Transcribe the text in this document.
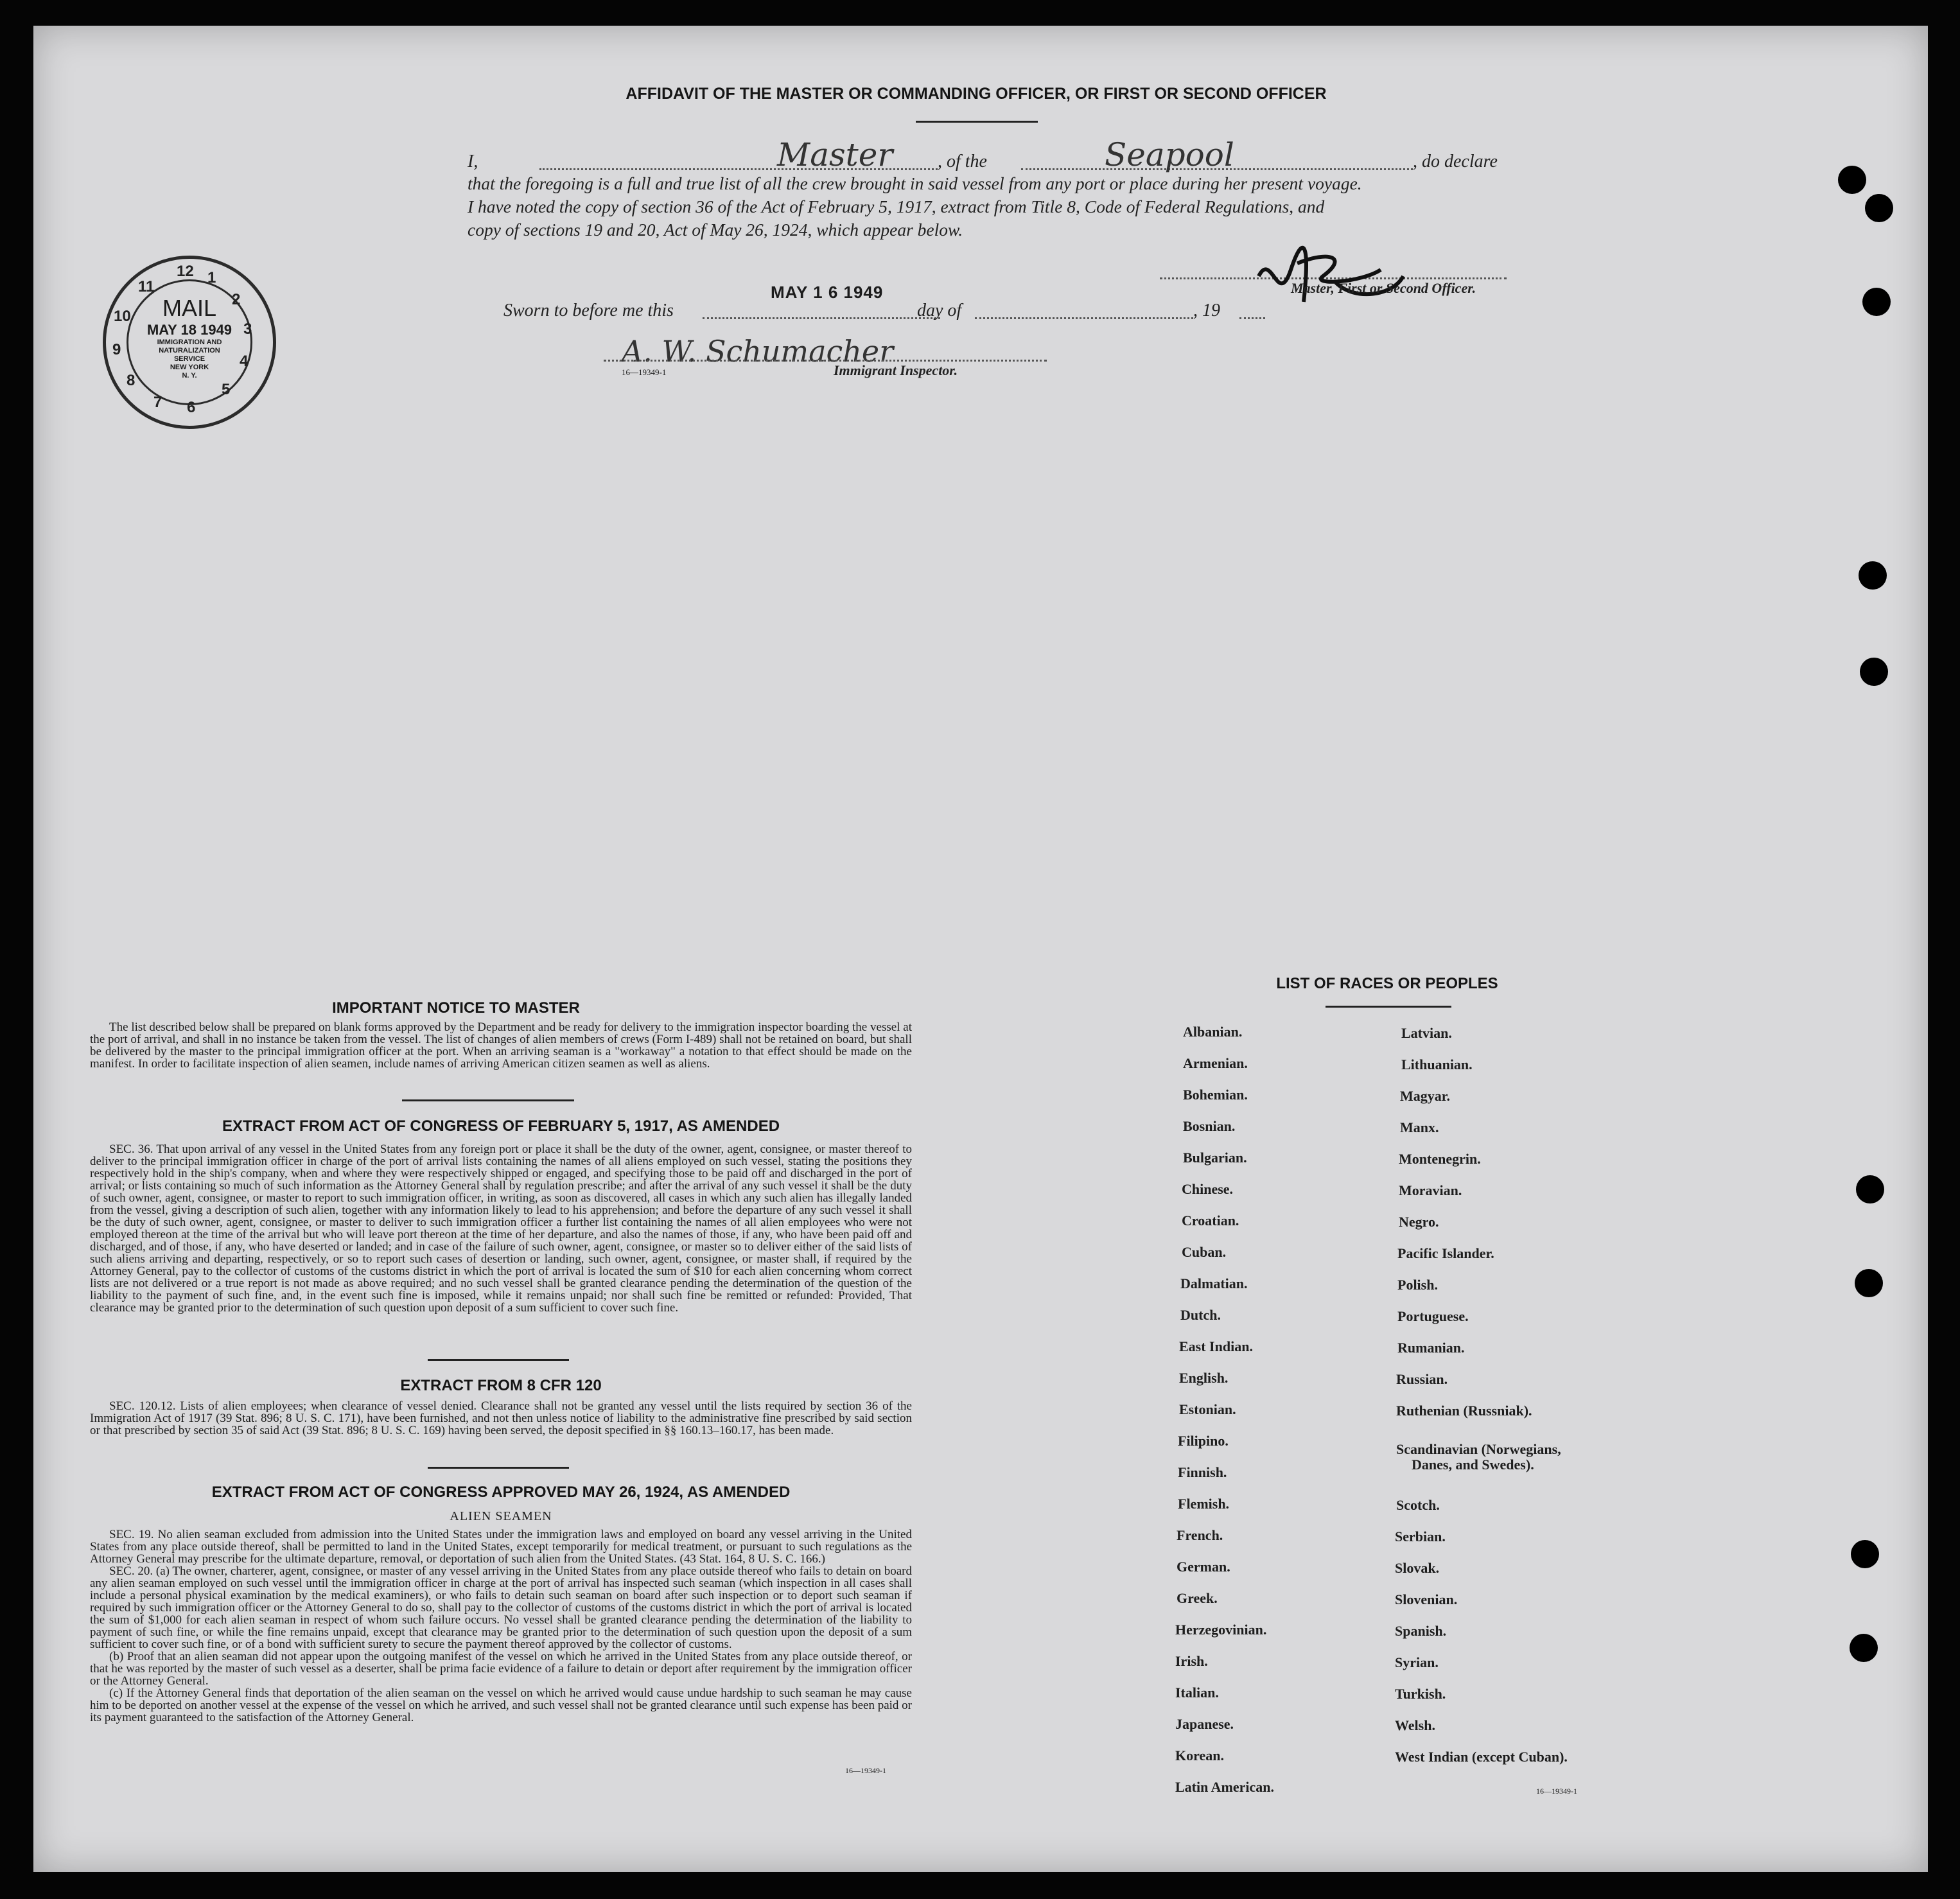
AFFIDAVIT OF THE MASTER OR COMMANDING OFFICER, OR FIRST OR SECOND OFFICER
I,	Master , of the	Seapool	, do declare
that the foregoing is a full and true list of all the crew brought in said vessel from any port or place during her present voyage.
I have noted the copy of section 36 of the Act of February 5, 1917, extract from Title 8, Code of Federal Regulations, and
copy of sections 19 and 20, Act of May 26, 1924, which appear below.
Master, First or Second Officer.
Sworn to before me this
MAY 1 6 1949
day of	, 19
A. W. Schumacher
16—19349-1	Immigrant Inspector.
12 1
2
3
4
5
6
7
8
9
10
11
MAIL
MAY 18 1949
IMMIGRATION AND
NATURALIZATION
SERVICE
NEW YORK
N. Y.
IMPORTANT NOTICE TO MASTER

The list described below shall be prepared on blank forms approved by the Department and be ready for delivery to the immigration inspector boarding the vessel at the port of arrival, and shall in no instance be taken from the vessel. The list of changes of alien members of crews (Form I-489) shall not be retained on board, but shall be delivered by the master to the principal immigration officer at the port. When an arriving seaman is a "workaway" a notation to that effect should be made on the manifest. In order to facilitate inspection of alien seamen, include names of arriving American citizen seamen as well as aliens.

EXTRACT FROM ACT OF CONGRESS OF FEBRUARY 5, 1917, AS AMENDED

SEC. 36. That upon arrival of any vessel in the United States from any foreign port or place it shall be the duty of the owner, agent, consignee, or master thereof to deliver to the principal immigration officer in charge of the port of arrival lists containing the names of all aliens employed on such vessel, stating the positions they respectively hold in the ship's company, when and where they were respectively shipped or engaged, and specifying those to be paid off and discharged in the port of arrival; or lists containing so much of such information as the Attorney General shall by regulation prescribe; and after the arrival of any such vessel it shall be the duty of such owner, agent, consignee, or master to report to such immigration officer, in writing, as soon as discovered, all cases in which any such alien has illegally landed from the vessel, giving a description of such alien, together with any information likely to lead to his apprehension; and before the departure of any such vessel it shall be the duty of such owner, agent, consignee, or master to deliver to such immigration officer a further list containing the names of all alien employees who were not employed thereon at the time of the arrival but who will leave port thereon at the time of her departure, and also the names of those, if any, who have been paid off and discharged, and of those, if any, who have deserted or landed; and in case of the failure of such owner, agent, consignee, or master so to deliver either of the said lists of such aliens arriving and departing, respectively, or so to report such cases of desertion or landing, such owner, agent, consignee, or master shall, if required by the Attorney General, pay to the collector of customs of the customs district in which the port of arrival is located the sum of $10 for each alien concerning whom correct lists are not delivered or a true report is not made as above required; and no such vessel shall be granted clearance pending the determination of the question of the liability to the payment of such fine, and, in the event such fine is imposed, while it remains unpaid; nor shall such fine be remitted or refunded: Provided, That clearance may be granted prior to the determination of such question upon deposit of a sum sufficient to cover such fine.

EXTRACT FROM 8 CFR 120

SEC. 120.12. Lists of alien employees; when clearance of vessel denied. Clearance shall not be granted any vessel until the lists required by section 36 of the Immigration Act of 1917 (39 Stat. 896; 8 U. S. C. 171), have been furnished, and not then unless notice of liability to the administrative fine prescribed by said section or that prescribed by section 35 of said Act (39 Stat. 896; 8 U. S. C. 169) having been served, the deposit specified in §§ 160.13–160.17, has been made.

EXTRACT FROM ACT OF CONGRESS APPROVED MAY 26, 1924, AS AMENDED
ALIEN SEAMEN

SEC. 19. No alien seaman excluded from admission into the United States under the immigration laws and employed on board any vessel arriving in the United States from any place outside thereof, shall be permitted to land in the United States, except temporarily for medical treatment, or pursuant to such regulations as the Attorney General may prescribe for the ultimate departure, removal, or deportation of such alien from the United States. (43 Stat. 164, 8 U. S. C. 166.)

SEC. 20. (a) The owner, charterer, agent, consignee, or master of any vessel arriving in the United States from any place outside thereof who fails to detain on board any alien seaman employed on such vessel until the immigration officer in charge at the port of arrival has inspected such seaman (which inspection in all cases shall include a personal physical examination by the medical examiners), or who fails to detain such seaman on board after such inspection or to deport such seaman if required by such immigration officer or the Attorney General to do so, shall pay to the collector of customs of the customs district in which the port of arrival is located the sum of $1,000 for each alien seaman in respect of whom such failure occurs. No vessel shall be granted clearance pending the determination of the liability to payment of such fine, or while the fine remains unpaid, except that clearance may be granted prior to the determination of such question upon the deposit of a sum sufficient to cover such fine, or of a bond with sufficient surety to secure the payment thereof approved by the collector of customs.

(b) Proof that an alien seaman did not appear upon the outgoing manifest of the vessel on which he arrived in the United States from any place outside thereof, or that he was reported by the master of such vessel as a deserter, shall be prima facie evidence of a failure to detain or deport after requirement by the immigration officer or the Attorney General.

(c) If the Attorney General finds that deportation of the alien seaman on the vessel on which he arrived would cause undue hardship to such seaman he may cause him to be deported on another vessel at the expense of the vessel on which he arrived, and such vessel shall not be granted clearance until such expense has been paid or its payment guaranteed to the satisfaction of the Attorney General.

16—19349-1
LIST OF RACES OR PEOPLES
Albanian.
Armenian.
Bohemian.
Bosnian.
Bulgarian.
Chinese.
Croatian.
Cuban.
Dalmatian.
Dutch.
East Indian.
English.
Estonian.
Filipino.
Finnish.
Flemish.
French.
German.
Greek.
Herzegovinian.
Irish.
Italian.
Japanese.
Korean.
Latin American.
Latvian.
Lithuanian.
Magyar.
Manx.
Montenegrin.
Moravian.
Negro.
Pacific Islander.
Polish.
Portuguese.
Rumanian.
Russian.
Ruthenian (Russniak).
Scandinavian (Norwegians,
Danes, and Swedes).
Scotch.
Serbian.
Slovak.
Slovenian.
Spanish.
Syrian.
Turkish.
Welsh.
West Indian (except Cuban).
16—19349-1
